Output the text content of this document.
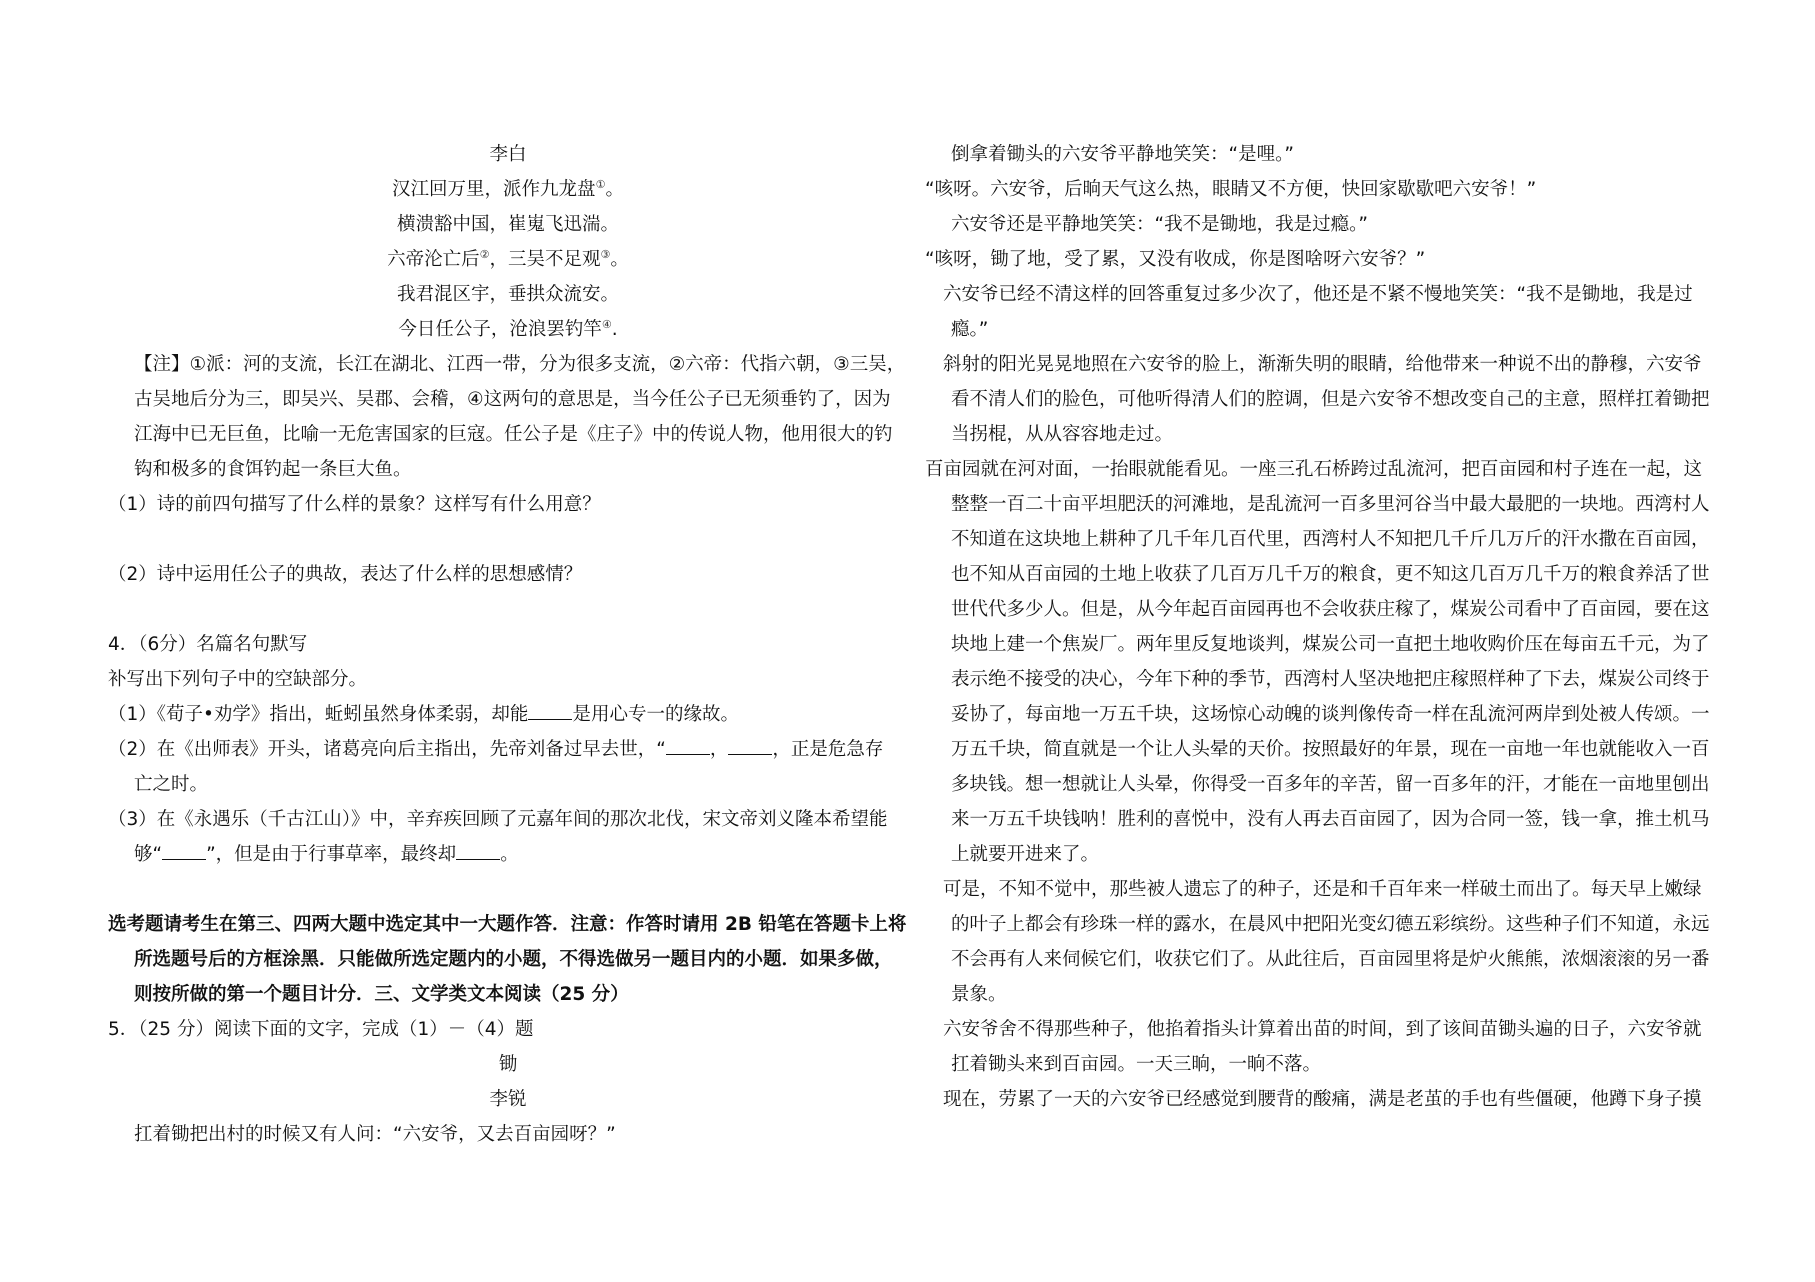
李白
汉江回万里，派作九龙盘①。
横溃豁中国，崔嵬飞迅湍。
六帝沦亡后②，三吴不足观③。
我君混区宇，垂拱众流安。
今日任公子，沧浪罢钓竿④.
【注】①派：河的支流，长江在湖北、江西一带，分为很多支流，②六帝：代指六朝，③三吴，
古吴地后分为三，即吴兴、吴郡、会稽，④这两句的意思是，当今任公子已无须垂钓了，因为
江海中已无巨鱼，比喻一无危害国家的巨寇。任公子是《庄子》中的传说人物，他用很大的钓
钩和极多的食饵钓起一条巨大鱼。
（1）诗的前四句描写了什么样的景象？这样写有什么用意？
（2）诗中运用任公子的典故，表达了什么样的思想感情？
4．（6分）名篇名句默写
补写出下列句子中的空缺部分。
（1）《荀子•劝学》指出，蚯蚓虽然身体柔弱，却能 是用心专一的缘故。
（2）在《出师表》开头，诸葛亮向后主指出，先帝刘备过早去世，“ ， ，正是危急存
亡之时。
（3）在《永遇乐（千古江山）》中，辛弃疾回顾了元嘉年间的那次北伐，宋文帝刘义隆本希望能
够“ ”，但是由于行事草率，最终却 。
选考题请考生在第三、四两大题中选定其中一大题作答．注意：作答时请用 2B 铅笔在答题卡上将
所选题号后的方框涂黑．只能做所选定题内的小题，不得选做另一题目内的小题．如果多做，
则按所做的第一个题目计分．三、文学类文本阅读（25 分）
5．（25 分）阅读下面的文字，完成（1）－（4）题
锄
李锐
扛着锄把出村的时候又有人问：“六安爷，又去百亩园呀？”
倒拿着锄头的六安爷平静地笑笑：“是哩。”
“咳呀。六安爷，后晌天气这么热，眼睛又不方便，快回家歇歇吧六安爷！”
六安爷还是平静地笑笑：“我不是锄地，我是过瘾。”
“咳呀，锄了地，受了累，又没有收成，你是图啥呀六安爷？”
六安爷已经不清这样的回答重复过多少次了，他还是不紧不慢地笑笑：“我不是锄地，我是过
瘾。”
斜射的阳光晃晃地照在六安爷的脸上，渐渐失明的眼睛，给他带来一种说不出的静穆，六安爷
看不清人们的脸色，可他听得清人们的腔调，但是六安爷不想改变自己的主意，照样扛着锄把
当拐棍，从从容容地走过。
百亩园就在河对面，一抬眼就能看见。一座三孔石桥跨过乱流河，把百亩园和村子连在一起，这
整整一百二十亩平坦肥沃的河滩地，是乱流河一百多里河谷当中最大最肥的一块地。西湾村人
不知道在这块地上耕种了几千年几百代里，西湾村人不知把几千斤几万斤的汗水撒在百亩园，
也不知从百亩园的土地上收获了几百万几千万的粮食，更不知这几百万几千万的粮食养活了世
世代代多少人。但是，从今年起百亩园再也不会收获庄稼了，煤炭公司看中了百亩园，要在这
块地上建一个焦炭厂。两年里反复地谈判，煤炭公司一直把土地收购价压在每亩五千元，为了
表示绝不接受的决心，今年下种的季节，西湾村人坚决地把庄稼照样种了下去，煤炭公司终于
妥协了，每亩地一万五千块，这场惊心动魄的谈判像传奇一样在乱流河两岸到处被人传颂。一
万五千块，简直就是一个让人头晕的天价。按照最好的年景，现在一亩地一年也就能收入一百
多块钱。想一想就让人头晕，你得受一百多年的辛苦，留一百多年的汗，才能在一亩地里刨出
来一万五千块钱呐！胜利的喜悦中，没有人再去百亩园了，因为合同一签，钱一拿，推土机马
上就要开进来了。
可是，不知不觉中，那些被人遗忘了的种子，还是和千百年来一样破土而出了。每天早上嫩绿
的叶子上都会有珍珠一样的露水，在晨风中把阳光变幻德五彩缤纷。这些种子们不知道，永远
不会再有人来伺候它们，收获它们了。从此往后，百亩园里将是炉火熊熊，浓烟滚滚的另一番
景象。
六安爷舍不得那些种子，他掐着指头计算着出苗的时间，到了该间苗锄头遍的日子，六安爷就
扛着锄头来到百亩园。一天三晌，一晌不落。
现在，劳累了一天的六安爷已经感觉到腰背的酸痛，满是老茧的手也有些僵硬，他蹲下身子摸
